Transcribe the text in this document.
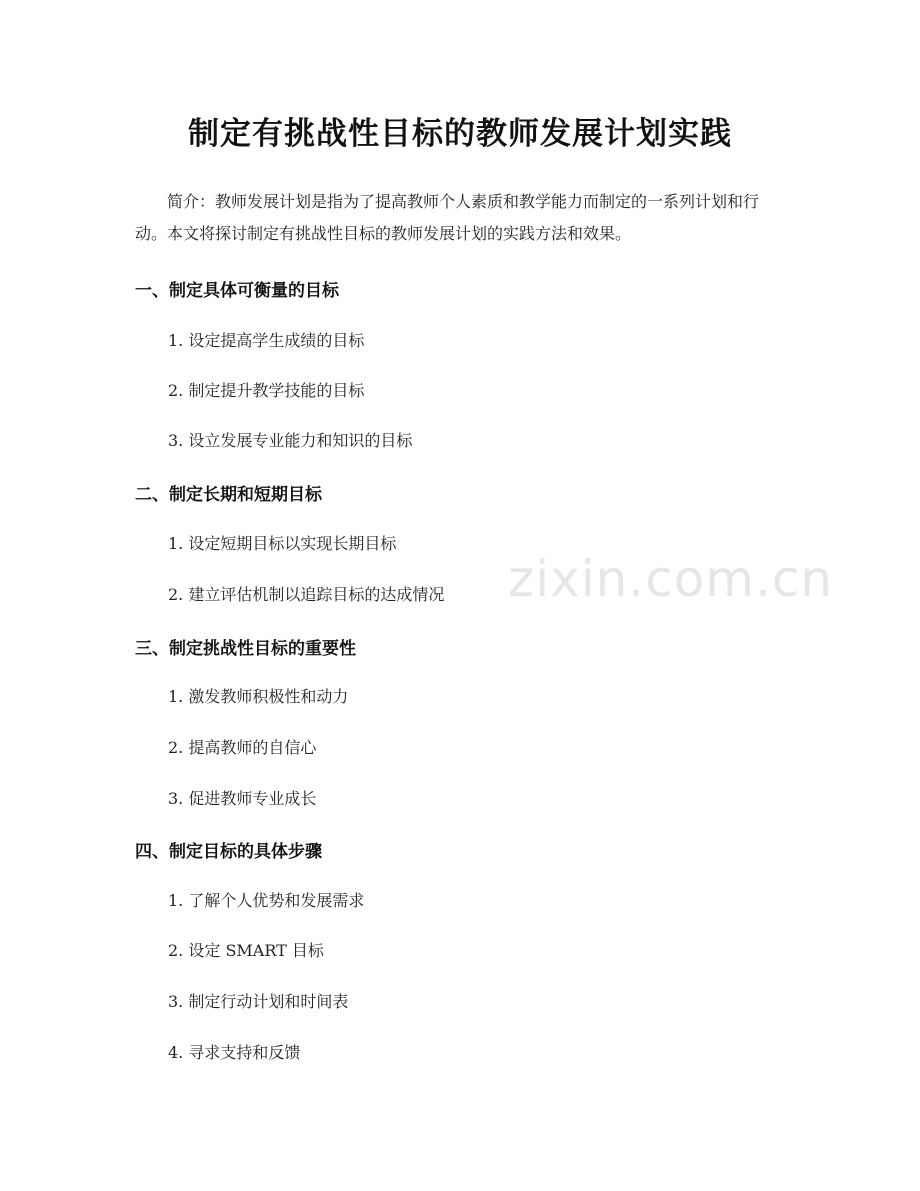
制定有挑战性目标的教师发展计划实践
简介：教师发展计划是指为了提高教师个人素质和教学能力而制定的一系列计划和行动。本文将探讨制定有挑战性目标的教师发展计划的实践方法和效果。
一、制定具体可衡量的目标
1. 设定提高学生成绩的目标
2. 制定提升教学技能的目标
3. 设立发展专业能力和知识的目标
二、制定长期和短期目标
1. 设定短期目标以实现长期目标
2. 建立评估机制以追踪目标的达成情况
三、制定挑战性目标的重要性
1. 激发教师积极性和动力
2. 提高教师的自信心
3. 促进教师专业成长
四、制定目标的具体步骤
1. 了解个人优势和发展需求
2. 设定 SMART 目标
3. 制定行动计划和时间表
4. 寻求支持和反馈
zixin.com.cn
